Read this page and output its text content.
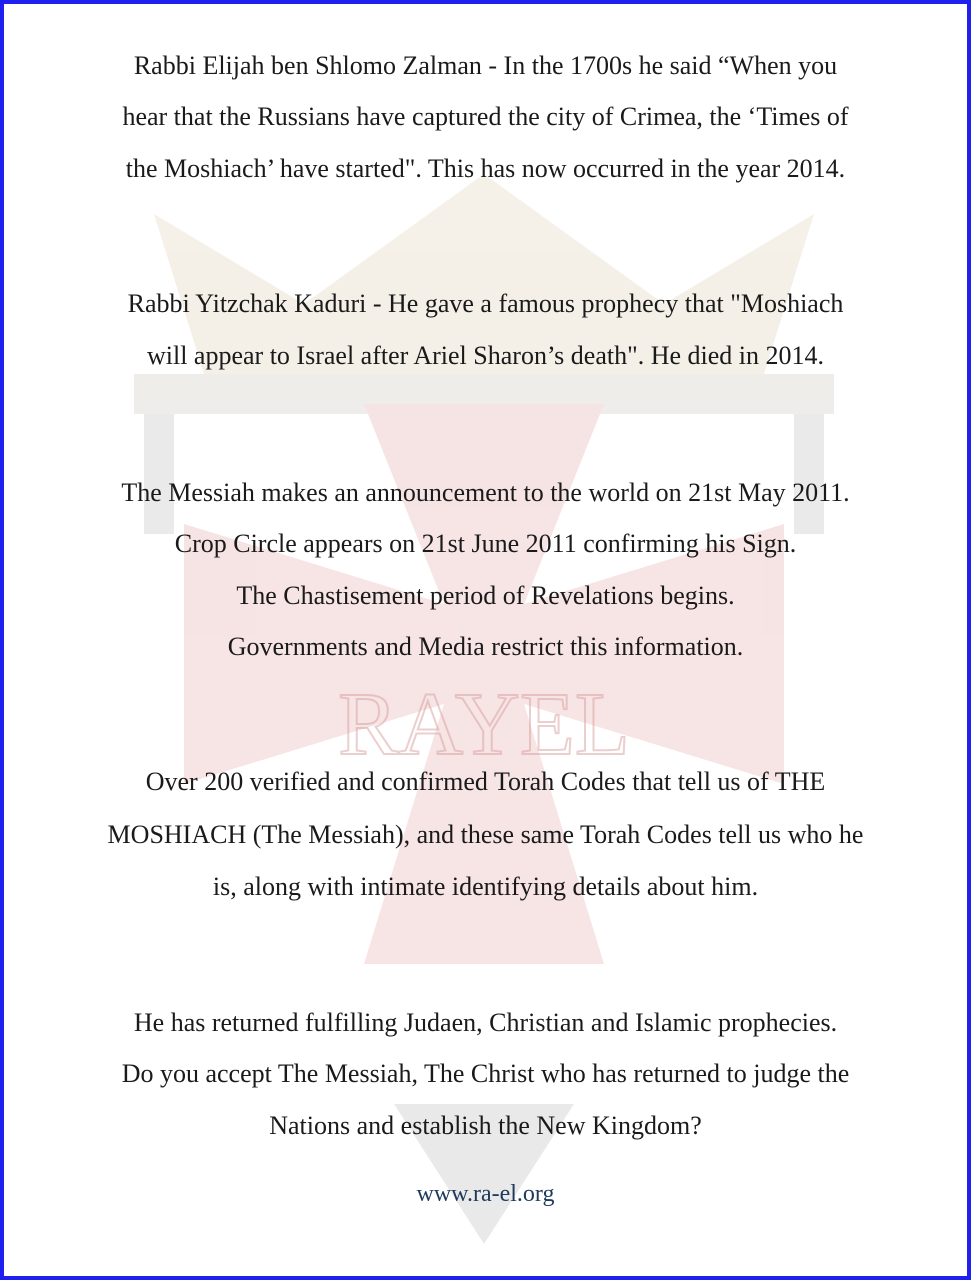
RAYEL
Rabbi Elijah ben Shlomo Zalman - In the 1700s he said “When you
hear that the Russians have captured the city of Crimea, the ‘Times of
the Moshiach’ have started". This has now occurred in the year 2014.
Rabbi Yitzchak Kaduri - He gave a famous prophecy that "Moshiach
will appear to Israel after Ariel Sharon’s death". He died in 2014.
The Messiah makes an announcement to the world on 21st May 2011.
Crop Circle appears on 21st June 2011 confirming his Sign.
The Chastisement period of Revelations begins.
Governments and Media restrict this information.
Over 200 verified and confirmed Torah Codes that tell us of THE
MOSHIACH (The Messiah), and these same Torah Codes tell us who he
is, along with intimate identifying details about him.
He has returned fulfilling Judaen, Christian and Islamic prophecies.
Do you accept The Messiah, The Christ who has returned to judge the
Nations and establish the New Kingdom?
www.ra-el.org
